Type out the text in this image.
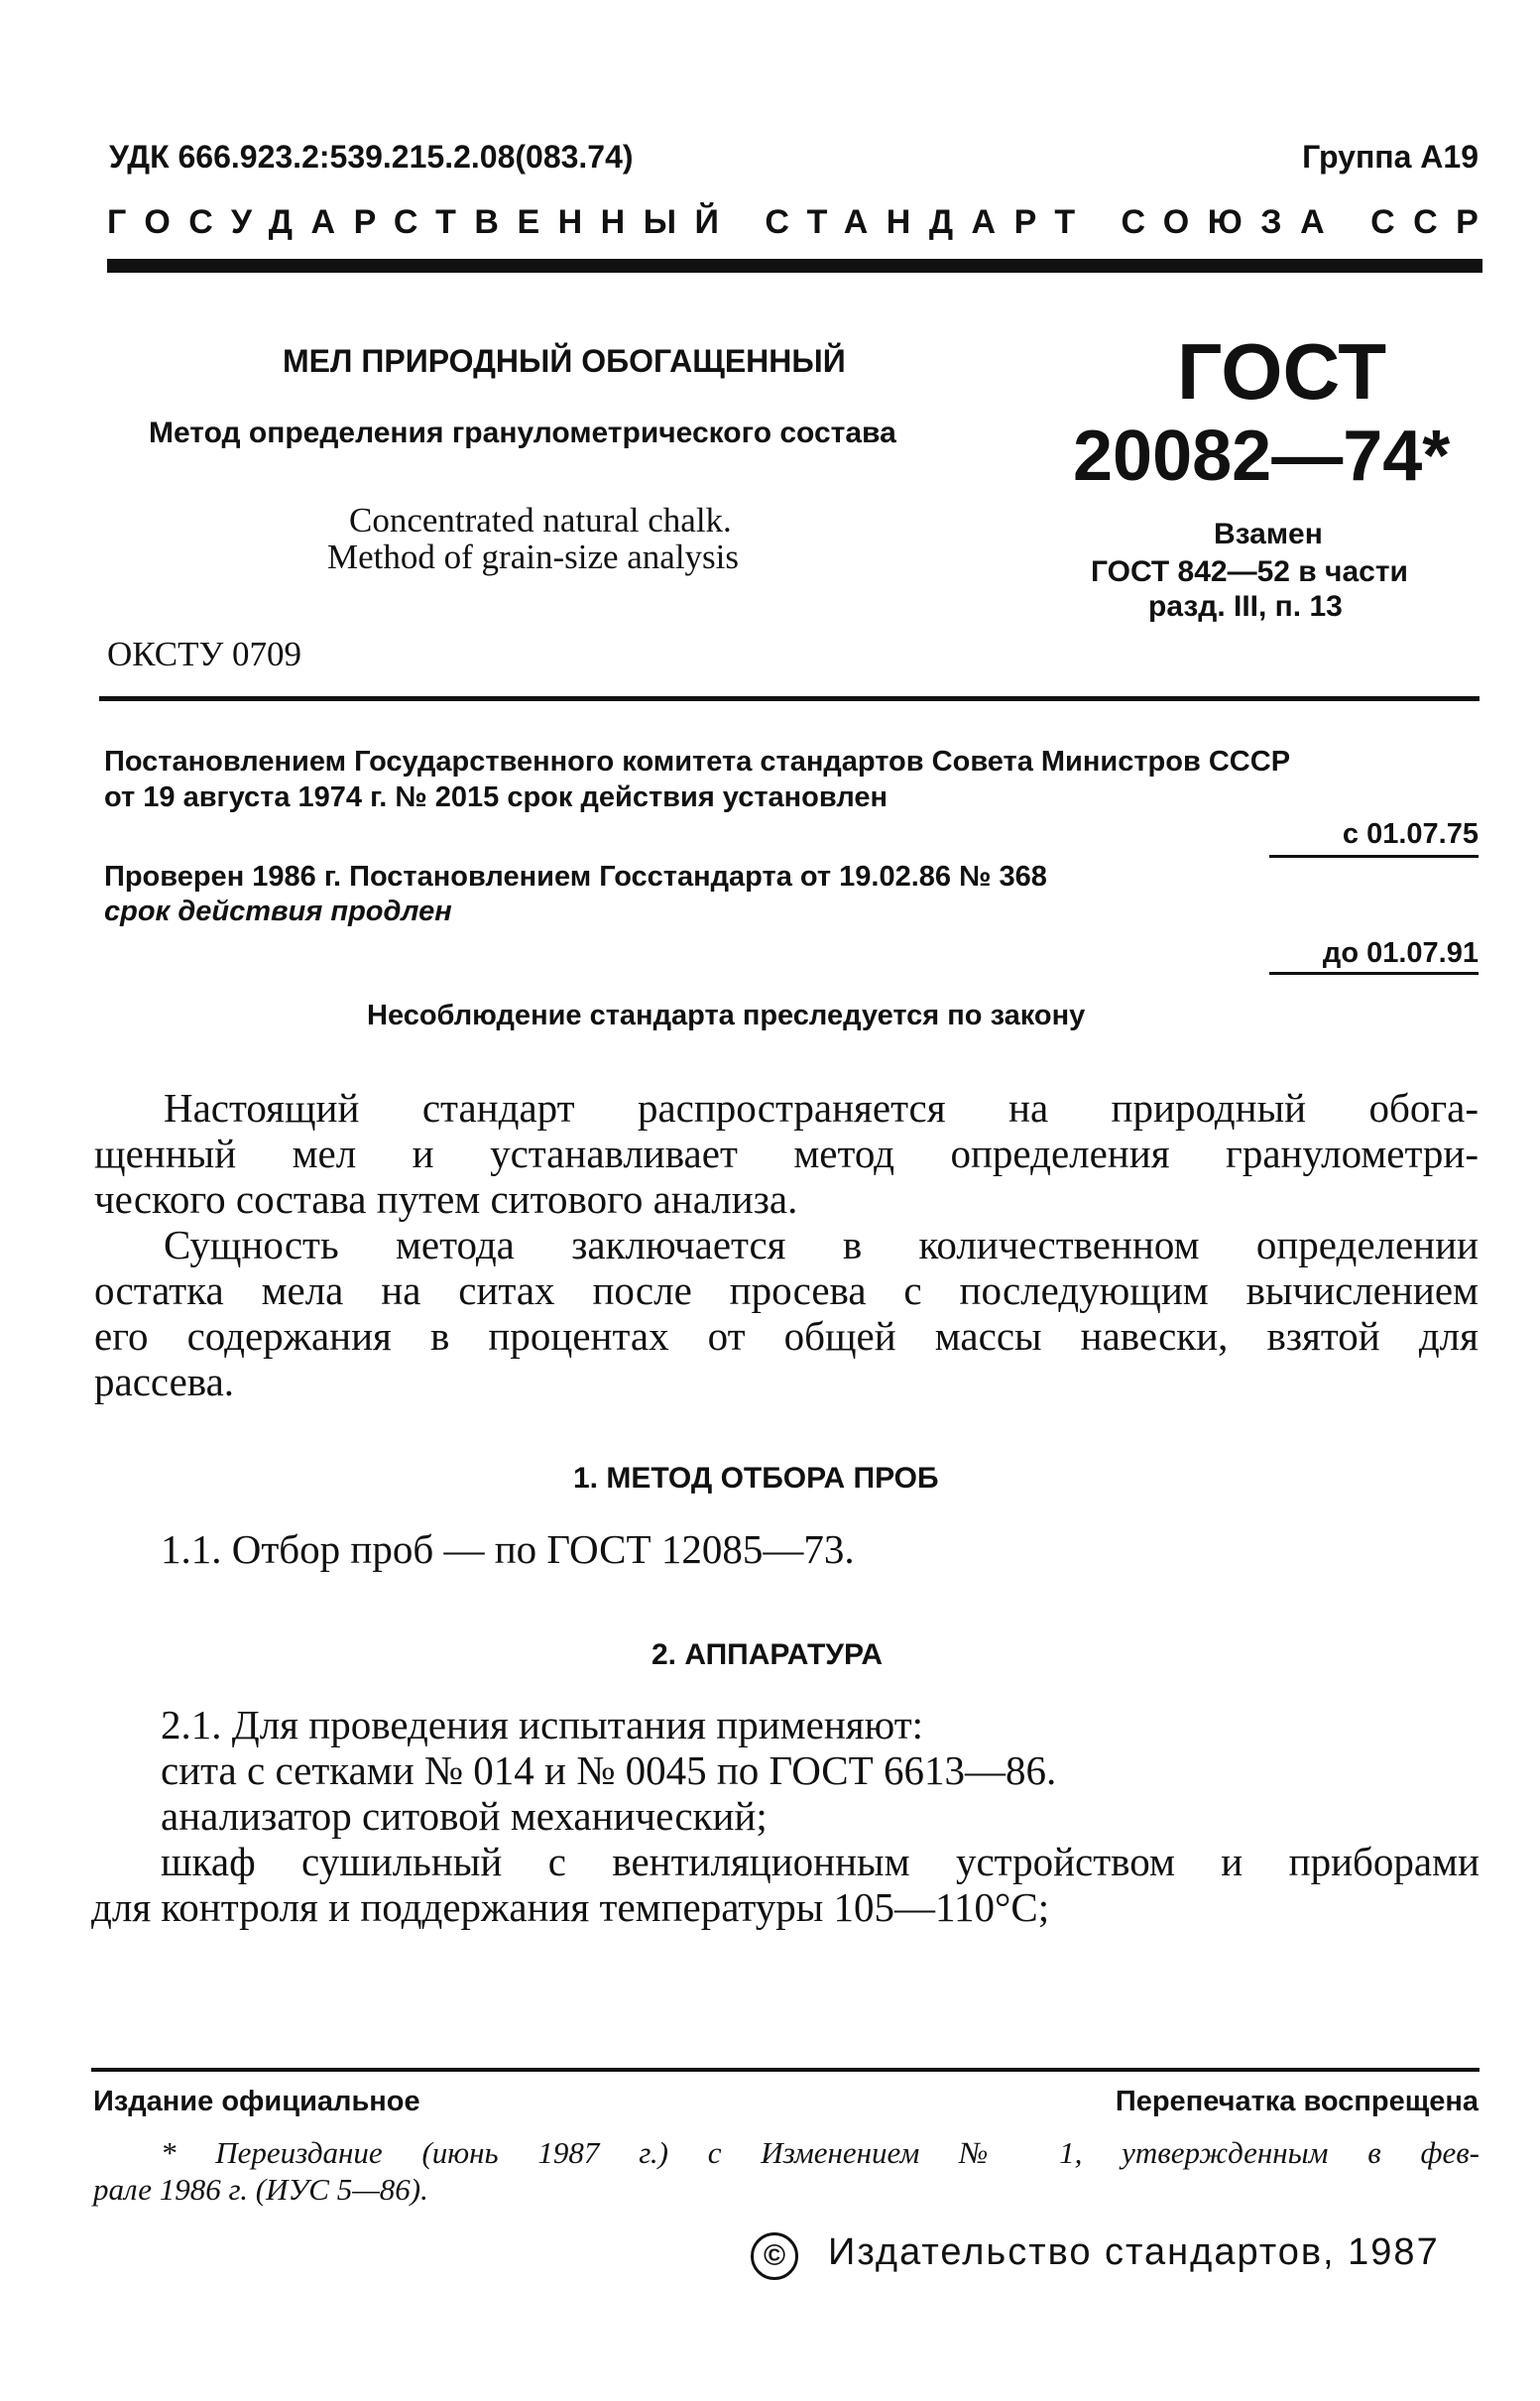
УДК 666.923.2:539.215.2.08(083.74)	Группа А19
ГОСУДАРСТВЕННЫЙ СТАНДАРТ СОЮЗА ССР
МЕЛ ПРИРОДНЫЙ ОБОГАЩЕННЫЙ
Метод определения гранулометрического состава
Concentrated natural chalk.
Method of grain-size analysis
ОКСТУ 0709
ГОСТ
20082—74*
Взамен
ГОСТ 842—52 в части
разд. III, п. 13
Постановлением Государственного комитета стандартов Совета Министров СССР
от 19 августа 1974 г. № 2015 срок действия установлен
с 01.07.75
Проверен 1986 г. Постановлением Госстандарта от 19.02.86 № 368
срок действия продлен
до 01.07.91
Несоблюдение стандарта преследуется по закону
Настоящий стандарт распространяется на природный обога-
щенный мел и устанавливает метод определения гранулометри-
ческого состава путем ситового анализа.
Сущность метода заключается в количественном определении
остатка мела на ситах после просева с последующим вычислением
его содержания в процентах от общей массы навески, взятой для
рассева.
1. МЕТОД ОТБОРА ПРОБ
1.1. Отбор проб — по ГОСТ 12085—73.
2. АППАРАТУРА
2.1. Для проведения испытания применяют:
сита с сетками № 014 и № 0045 по ГОСТ 6613—86.
анализатор ситовой механический;
шкаф сушильный с вентиляционным устройством и приборами
для контроля и поддержания температуры 105—110°C;
Издание официальное	Перепечатка воспрещена
* Переиздание (июнь 1987 г.) с Изменением № 1, утвержденным в фев-
рале 1986 г. (ИУС 5—86).
©	Издательство стандартов, 1987
